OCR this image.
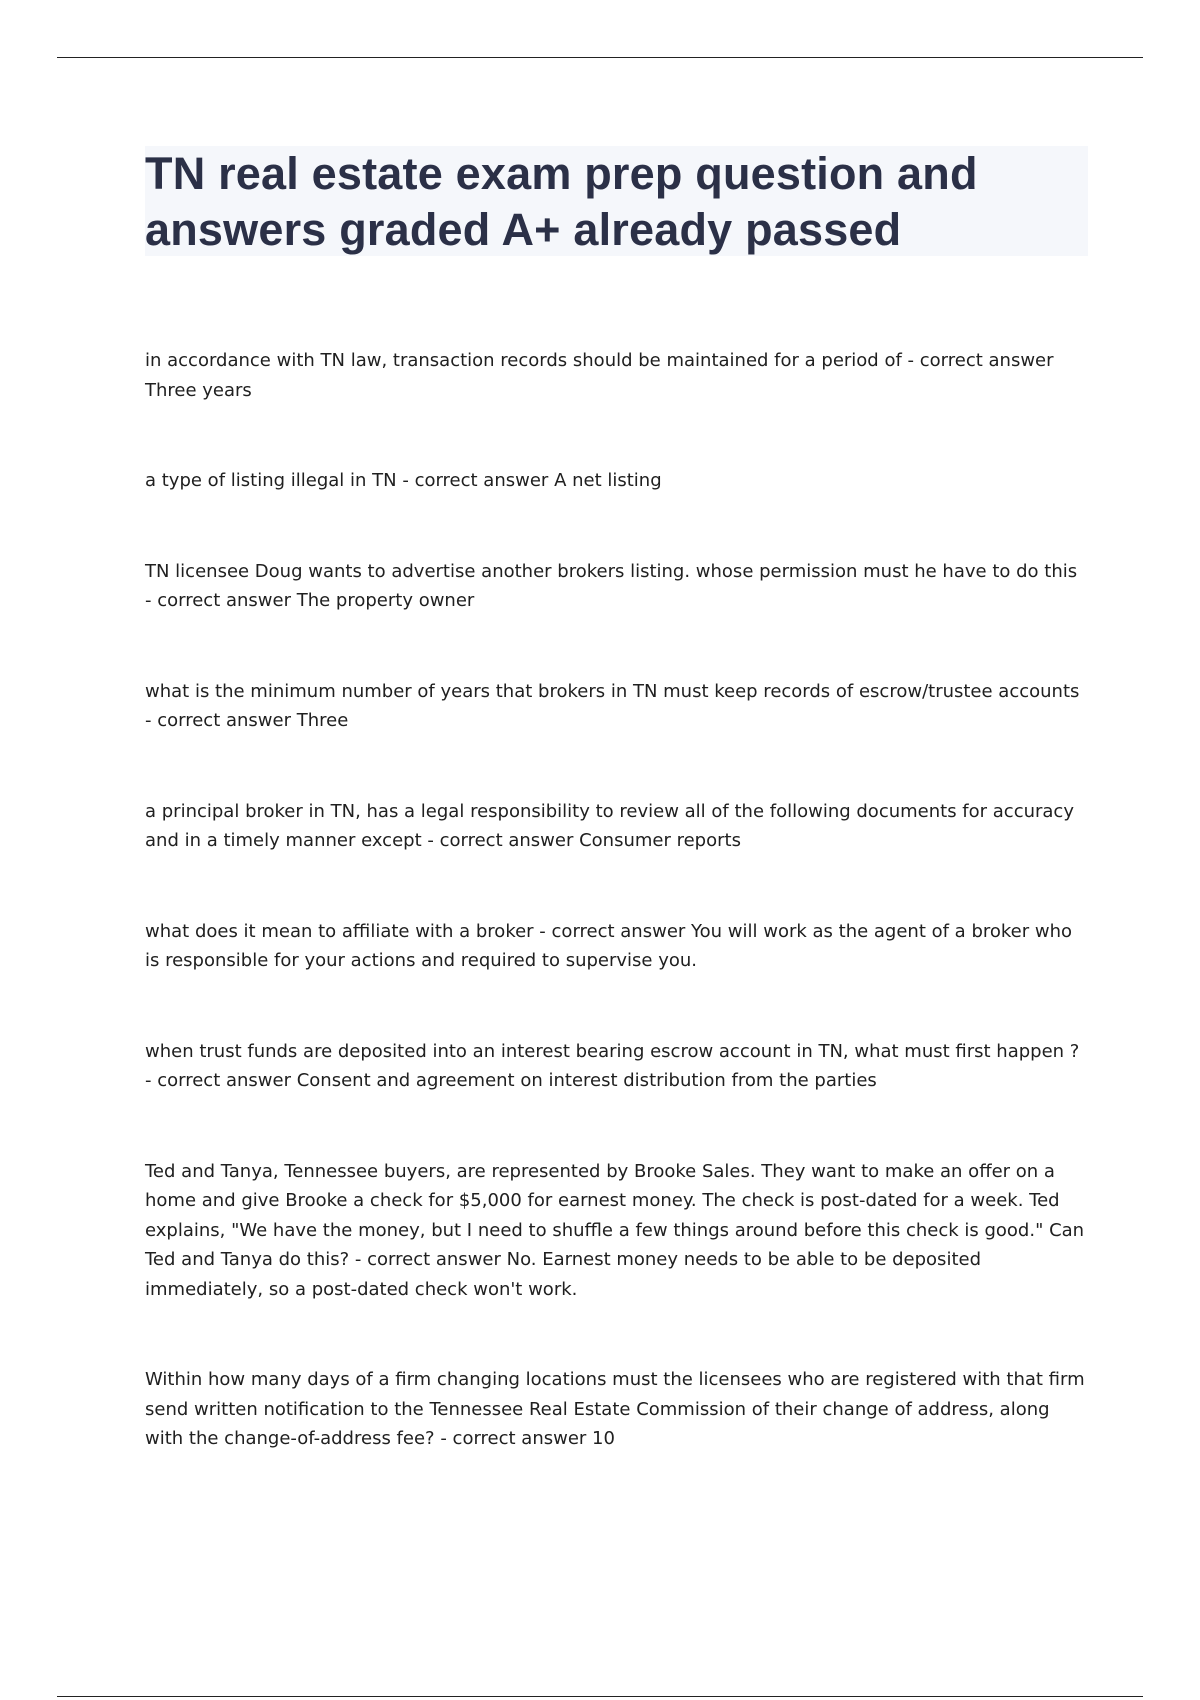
TN real estate exam prep question and answers graded A+ already passed

in accordance with TN law, transaction records should be maintained for a period of - correct answer Three years

a type of listing illegal in TN - correct answer A net listing

TN licensee Doug wants to advertise another brokers listing. whose permission must he have to do this - correct answer The property owner

what is the minimum number of years that brokers in TN must keep records of escrow/trustee accounts - correct answer Three

a principal broker in TN, has a legal responsibility to review all of the following documents for accuracy and in a timely manner except - correct answer Consumer reports

what does it mean to affiliate with a broker - correct answer You will work as the agent of a broker who is responsible for your actions and required to supervise you.

when trust funds are deposited into an interest bearing escrow account in TN, what must first happen ? - correct answer Consent and agreement on interest distribution from the parties

Ted and Tanya, Tennessee buyers, are represented by Brooke Sales. They want to make an offer on a home and give Brooke a check for $5,000 for earnest money. The check is post-dated for a week. Ted explains, "We have the money, but I need to shuffle a few things around before this check is good." Can Ted and Tanya do this? - correct answer No. Earnest money needs to be able to be deposited immediately, so a post-dated check won't work.

Within how many days of a firm changing locations must the licensees who are registered with that firm send written notification to the Tennessee Real Estate Commission of their change of address, along with the change-of-address fee? - correct answer 10
